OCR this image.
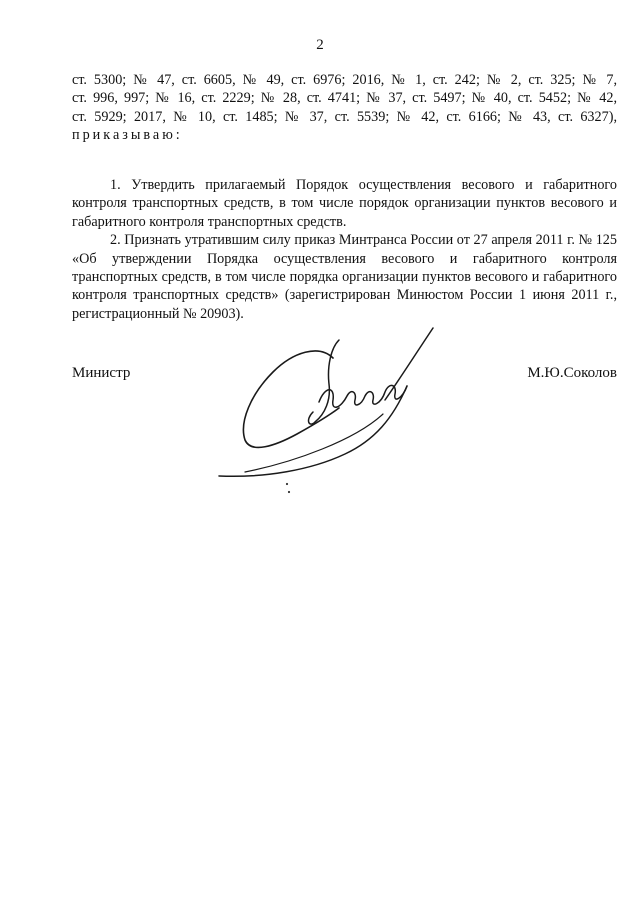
2
ст. 5300; № 47, ст. 6605, № 49, ст. 6976; 2016, № 1, ст. 242; № 2, ст. 325; № 7,
ст. 996, 997; № 16, ст. 2229; № 28, ст. 4741; № 37, ст. 5497; № 40, ст. 5452; № 42,
ст. 5929; 2017, № 10, ст. 1485; № 37, ст. 5539; № 42, ст. 6166; № 43, ст. 6327),
приказываю:

1. Утвердить прилагаемый Порядок осуществления весового и габаритного контроля транспортных средств, в том числе порядок организации пунктов весового и габаритного контроля транспортных средств.

2. Признать утратившим силу приказ Минтранса России от 27 апреля 2011 г. № 125 «Об утверждении Порядка осуществления весового и габаритного контроля транспортных средств, в том числе порядка организации пунктов весового и габаритного контроля транспортных средств» (зарегистрирован Минюстом России 1 июня 2011 г., регистрационный № 20903).

Министр	М.Ю.Соколов
